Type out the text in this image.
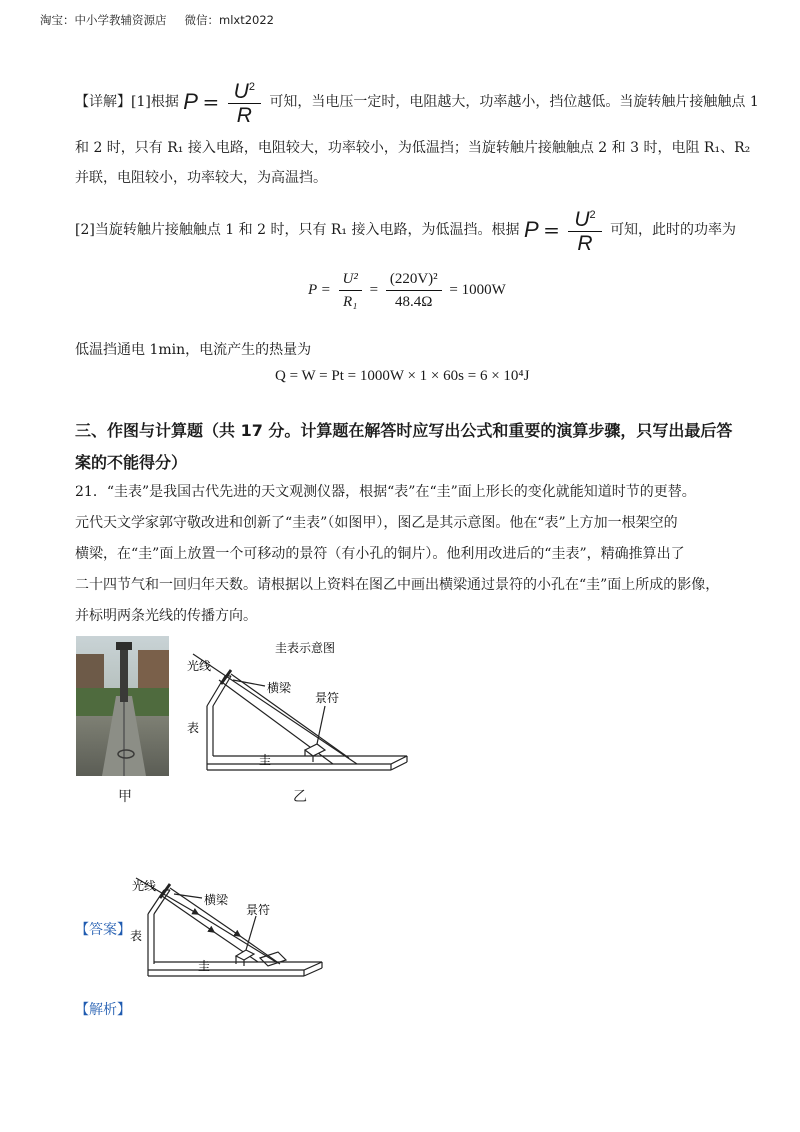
淘宝：中小学教辅资源店 微信：mlxt2022
【详解】[1]根据 $P = \frac{U^2}{R}$ 可知，当电压一定时，电阻越大，功率越小，挡位越低。当旋转触片接触触点 1
和 2 时，只有 R₁ 接入电路，电阻较大，功率较小，为低温挡；当旋转触片接触触点 2 和 3 时，电阻 R₁、R₂
并联，电阻较小，功率较大，为高温挡。
[2]当旋转触片接触触点 1 和 2 时，只有 R₁ 接入电路，为低温挡。根据 $P = \frac{U^2}{R}$ 可知，此时的功率为
$P = \frac{\text{U²}}{\text{R₁}} = \frac{\text{(220V)²}}{48.4\Omega} = 1000W$
低温挡通电 1min，电流产生的热量为
Q = W = Pt = 1000W × 1 × 60s = 6 × 10⁴J
三、作图与计算题（共 17 分。计算题在解答时应写出公式和重要的演算步骤，只写出最后答
案的不能得分）
21．“圭表”是我国古代先进的天文观测仪器，根据“表”在“圭”面上形长的变化就能知道时节的更替。
元代天文学家郭守敬改进和创新了“圭表”（如图甲），图乙是其示意图。他在“表”上方加一根架空的
横梁，在“圭”面上放置一个可移动的景符（有小孔的铜片）。他利用改进后的“圭表”，精确推算出了
二十四节气和一回归年天数。请根据以上资料在图乙中画出横梁通过景符的小孔在“圭”面上所成的影像，
并标明两条光线的传播方向。
圭表示意图
光线
横梁
景符
表
圭
甲	乙
【答案】
光线
横梁
景符
表
圭
【解析】
